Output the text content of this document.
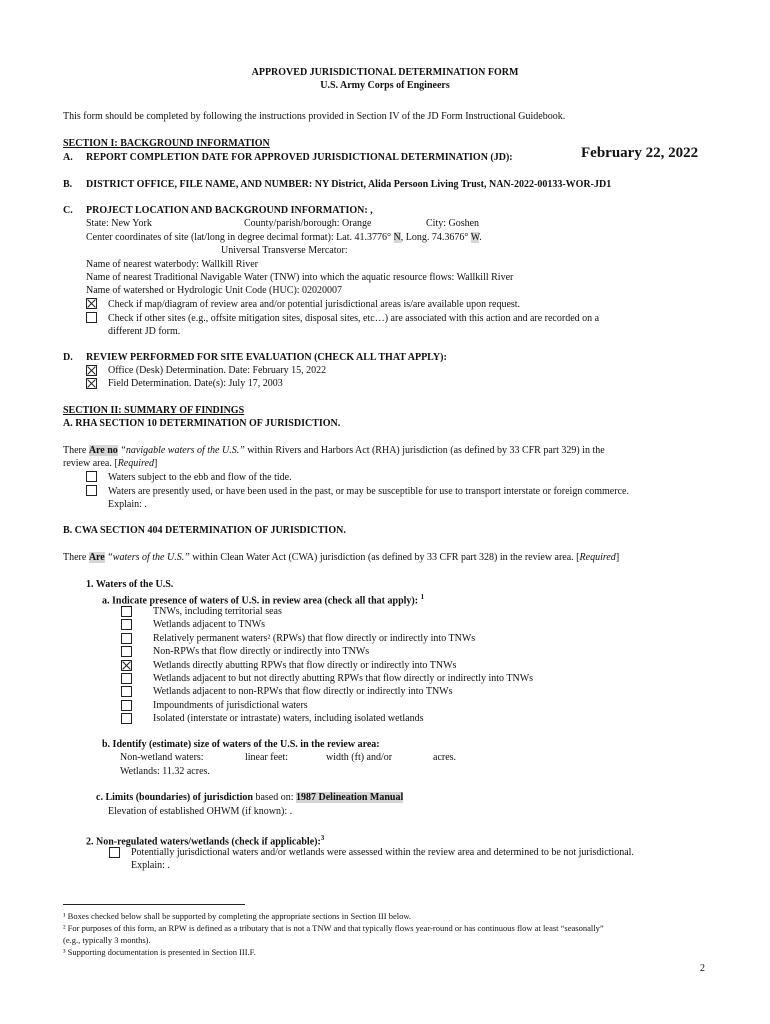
APPROVED JURISDICTIONAL DETERMINATION FORM
U.S. Army Corps of Engineers
This form should be completed by following the instructions provided in Section IV of the JD Form Instructional Guidebook.
SECTION I: BACKGROUND INFORMATION
A. REPORT COMPLETION DATE FOR APPROVED JURISDICTIONAL DETERMINATION (JD):	February 22, 2022
B. DISTRICT OFFICE, FILE NAME, AND NUMBER: NY District, Alida Persoon Living Trust, NAN-2022-00133-WOR-JD1
C. PROJECT LOCATION AND BACKGROUND INFORMATION: ,
State: New York	County/parish/borough: Orange	City: Goshen
Center coordinates of site (lat/long in degree decimal format): Lat. 41.3776° N, Long. 74.3676° W.
Universal Transverse Mercator:
Name of nearest waterbody: Wallkill River
Name of nearest Traditional Navigable Water (TNW) into which the aquatic resource flows: Wallkill River
Name of watershed or Hydrologic Unit Code (HUC): 02020007
Check if map/diagram of review area and/or potential jurisdictional areas is/are available upon request.
Check if other sites (e.g., offsite mitigation sites, disposal sites, etc…) are associated with this action and are recorded on a
different JD form.
D. REVIEW PERFORMED FOR SITE EVALUATION (CHECK ALL THAT APPLY):
Office (Desk) Determination. Date: February 15, 2022
Field Determination. Date(s): July 17, 2003
SECTION II: SUMMARY OF FINDINGS
A. RHA SECTION 10 DETERMINATION OF JURISDICTION.
There Are no “navigable waters of the U.S.” within Rivers and Harbors Act (RHA) jurisdiction (as defined by 33 CFR part 329) in the
review area. [Required]
Waters subject to the ebb and flow of the tide.
Waters are presently used, or have been used in the past, or may be susceptible for use to transport interstate or foreign commerce.
Explain: .
B. CWA SECTION 404 DETERMINATION OF JURISDICTION.
There Are “waters of the U.S.” within Clean Water Act (CWA) jurisdiction (as defined by 33 CFR part 328) in the review area. [Required]
1. Waters of the U.S.
a. Indicate presence of waters of U.S. in review area (check all that apply): $^1$
TNWs, including territorial seas
Wetlands adjacent to TNWs
Relatively permanent waters² (RPWs) that flow directly or indirectly into TNWs
Non-RPWs that flow directly or indirectly into TNWs
Wetlands directly abutting RPWs that flow directly or indirectly into TNWs
Wetlands adjacent to but not directly abutting RPWs that flow directly or indirectly into TNWs
Wetlands adjacent to non-RPWs that flow directly or indirectly into TNWs
Impoundments of jurisdictional waters
Isolated (interstate or intrastate) waters, including isolated wetlands
b. Identify (estimate) size of waters of the U.S. in the review area:
Non-wetland waters:	linear feet:	width (ft) and/or	acres.
Wetlands: 11.32 acres.
c. Limits (boundaries) of jurisdiction based on: 1987 Delineation Manual
Elevation of established OHWM (if known): .
2. Non-regulated waters/wetlands (check if applicable):$^3$
Potentially jurisdictional waters and/or wetlands were assessed within the review area and determined to be not jurisdictional.
Explain: .
¹ Boxes checked below shall be supported by completing the appropriate sections in Section III below.
² For purposes of this form, an RPW is defined as a tributary that is not a TNW and that typically flows year-round or has continuous flow at least “seasonally”
(e.g., typically 3 months).
³ Supporting documentation is presented in Section III.F.
2
